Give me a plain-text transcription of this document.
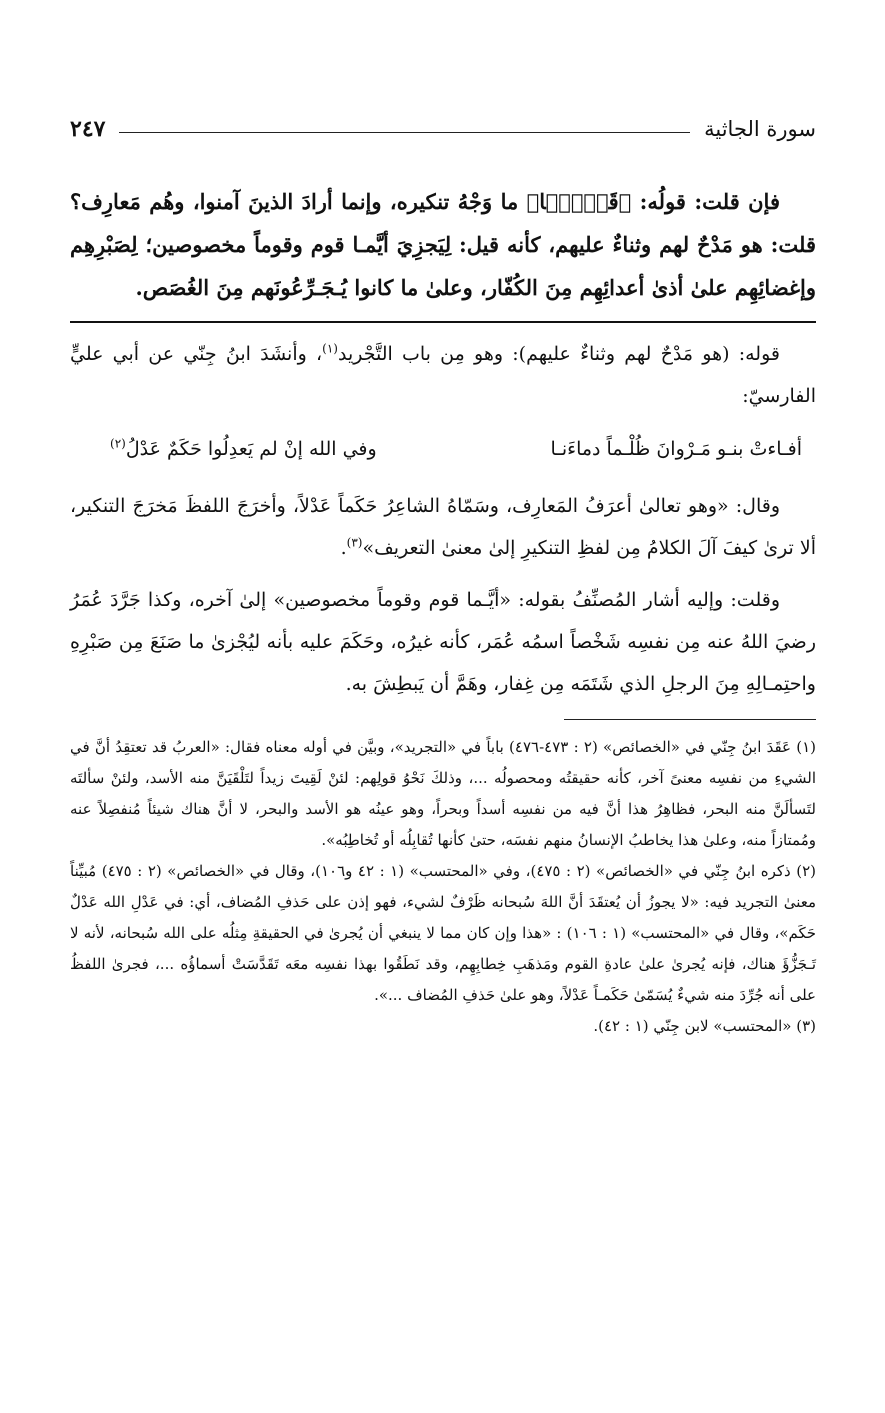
سورة الجاثية
٢٤٧

فإن قلت: قولُه: ﴿قَوۡمَۢا﴾ ما وَجْهُ تنكيره، وإنما أرادَ الذينَ آمنوا، وهُم مَعارِف؟ قلت: هو مَدْحٌ لهم وثناءٌ عليهم، كأنه قيل: لِيَجزِيَ أيَّمـا قوم وقوماً مخصوصين؛ لِصَبْرِهِم وإغضائِهِم علىٰ أذىٰ أعدائِهِم مِنَ الكُفّار، وعلىٰ ما كانوا يُـجَـرِّعُونَهم مِنَ الغُصَص.

قوله: (هو مَدْحٌ لهم وثناءٌ عليهم): وهو مِن باب التَّجْريد$^{(١)}$، وأنشَدَ ابنُ جِنّي عن أبي عليٍّ الفارسيّ:

أفـاءتْ بنـو مَـرْوانَ ظُلْـماً دماءَنـا
وفي الله إنْ لم يَعدِلُوا حَكَمٌ عَدْلُ$^{(٢)}$

وقال: «وهو تعالىٰ أعرَفُ المَعارِف، وسَمّاهُ الشاعِرُ حَكَماً عَدْلاً، وأخرَجَ اللفظَ مَخرَجَ التنكير، ألا ترىٰ كيفَ آلَ الكلامُ مِن لفظِ التنكيرِ إلىٰ معنىٰ التعريف»$^{(٣)}$.

وقلت: وإليه أشار المُصنِّفُ بقوله: «أيَّـما قوم وقوماً مخصوصين» إلىٰ آخره، وكذا جَرَّدَ عُمَرُ رضيَ اللهُ عنه مِن نفسِه شَخْصاً اسمُه عُمَر، كأنه غيرُه، وحَكَمَ عليه بأنه ليُجْزىٰ ما صَنَعَ مِن صَبْرِهِ واحتِمـالِهِ مِنَ الرجلِ الذي شَتَمَه مِن غِفار، وهَمَّ أن يَبطِشَ به.

(١) عَقَدَ ابنُ جِنّي في «الخصائص» (٢ : ٤٧٣-٤٧٦) باباً في «التجريد»، وبيَّن في أوله معناه فقال: «العربُ قد تعتقِدُ أنَّ في الشيءِ من نفسِه معنىً آخر، كأنه حقيقتُه ومحصولُه ...، وذلكَ نَحْوُ قولِهم: لئنْ لَقِيتَ زيداً لتَلْقَيَنَّ منه الأسد، ولئنْ سألتَه لتَسألَنَّ منه البحر، فظاهِرُ هذا أنَّ فيه من نفسِه أسداً وبحراً، وهو عينُه هو الأسد والبحر، لا أنَّ هناك شيئاً مُنفصِلاً عنه ومُمتازاً منه، وعلىٰ هذا يخاطبُ الإنسانُ منهم نفسَه، حتىٰ كأنها تُقابِلُه أو تُخاطِبُه».

(٢) ذكره ابنُ جِنّي في «الخصائص» (٢ : ٤٧٥)، وفي «المحتسب» (١ : ٤٢ و١٠٦)، وقال في «الخصائص» (٢ : ٤٧٥) مُبيِّناً معنىٰ التجريد فيه: «لا يجوزُ أن يُعتقَدَ أنَّ اللهَ سُبحانه ظَرْفٌ لشيء، فهو إذن على حَذفِ المُضاف، أي: في عَدْلِ الله عَدْلٌ حَكَم»، وقال في «المحتسب» (١ : ١٠٦) : «هذا وإن كان مما لا ينبغي أن يُجرىٰ في الحقيقةِ مِثلُه على الله سُبحانه، لأنه لا تَـجَزُّؤَ هناك، فإنه يُجرىٰ علىٰ عادةِ القوم ومَذهَبِ خِطابِهِم، وقد نَطَقُوا بهذا نفسِه معَه تَقَدَّسَتْ أسماؤُه ...، فجرىٰ اللفظُ على أنه جُرِّدَ منه شيءٌ يُسَمّىٰ حَكَمـاً عَدْلاً، وهو علىٰ حَذفِ المُضاف ...».

(٣) «المحتسب» لابن جِنّي (١ : ٤٢).
